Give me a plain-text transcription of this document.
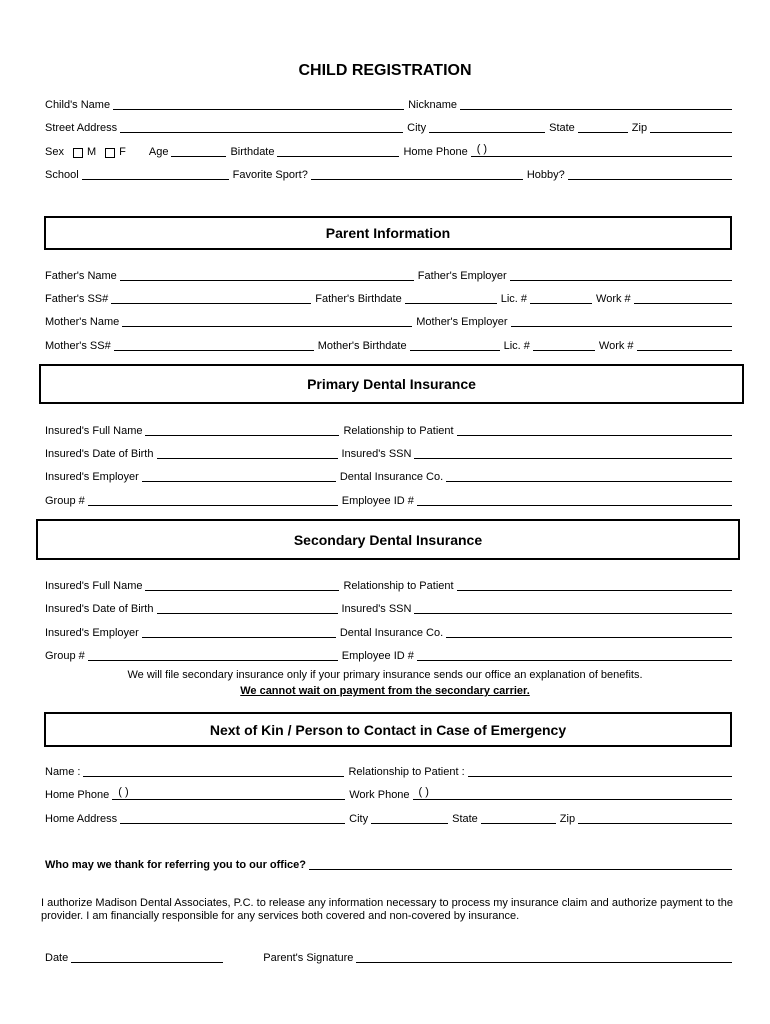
CHILD REGISTRATION
Child's Name	Nickname
Street Address	City	State	Zip
Sex M F Age	Birthdate	Home Phone ( )
School	Favorite Sport?	Hobby?
Parent Information
Father's Name	Father's Employer
Father's SS#	Father's Birthdate	Lic. #	Work #
Mother's Name	Mother's Employer
Mother's SS#	Mother's Birthdate	Lic. #	Work #
Primary Dental Insurance
Insured's Full Name	Relationship to Patient
Insured's Date of Birth	Insured's SSN
Insured's Employer	Dental Insurance Co.
Group #	Employee ID #
Secondary Dental Insurance
Insured's Full Name	Relationship to Patient
Insured's Date of Birth	Insured's SSN
Insured's Employer	Dental Insurance Co.
Group #	Employee ID #
We will file secondary insurance only if your primary insurance sends our office an explanation of benefits.
We cannot wait on payment from the secondary carrier.
Next of Kin / Person to Contact in Case of Emergency
Name :	Relationship to Patient :
Home Phone ( )	Work Phone ( )
Home Address	City	State	Zip
Who may we thank for referring you to our office?
I authorize Madison Dental Associates, P.C. to release any information necessary to process my insurance claim and authorize payment to the provider. I am financially responsible for any services both covered and non-covered by insurance.
Date	Parent's Signature
